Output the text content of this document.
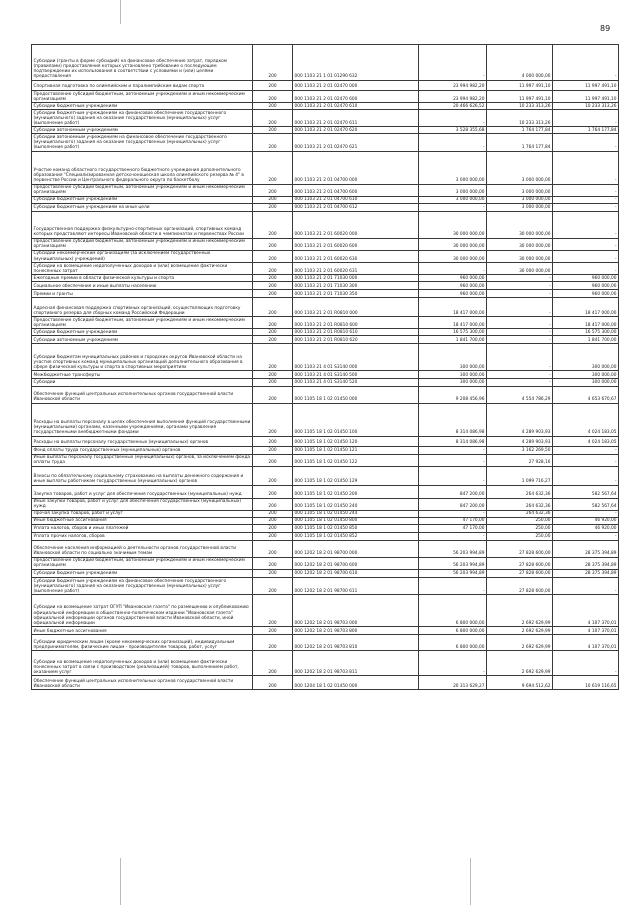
89
Субсидии (гранты в форме субсидий) на финансовое обеспечение затрат, порядком (правилами) предоставления которых установлено требование о последующем подтверждении их использования в соответствии с условиями и (или) целями предоставления	200	000 1103 21 1 01 01290 632	-	4 000 000,00	-
Спортивная подготовка по олимпийским и паралимпийским видам спорта	200	000 1103 21 2 01 02470 000	23 994 982,20	11 997 491,10	11 997 491,10
Предоставление субсидий бюджетным, автономным учреждениям и иным некоммерческим организациям	200	000 1103 21 2 01 02470 600	23 994 982,20	11 997 491,10	11 997 491,10
Субсидии бюджетным учреждениям	200	000 1103 21 2 01 02470 610	20 466 626,52	10 233 313,26	10 233 313,26
Субсидии бюджетным учреждениям на финансовое обеспечение государственного (муниципального) задания на оказание государственных (муниципальных) услуг (выполнение работ)	200	000 1103 21 2 01 02470 611	-	10 233 313,26	-
Субсидии автономным учреждениям	200	000 1103 21 2 01 02470 620	3 528 355,68	1 764 177,84	1 764 177,84
Субсидии автономным учреждениям на финансовое обеспечение государственного (муниципального) задания на оказание государственных (муниципальных) услуг (выполнение работ)	200	000 1103 21 2 01 02470 621	-	1 764 177,84	-
Участие команд областного государственного бюджетного учреждения дополнительного образования "Специализированная детско-юношеская школа олимпийского резерва № 4" в первенстве России и Центрального федерального округа по баскетболу	200	000 1103 21 2 01 04700 000	3 000 000,00	3 000 000,00	-
Предоставление субсидий бюджетным, автономным учреждениям и иным некоммерческим организациям	200	000 1103 21 2 01 04700 600	3 000 000,00	3 000 000,00	-
Субсидии бюджетным учреждениям	200	000 1103 21 2 01 04700 610	3 000 000,00	3 000 000,00	-
Субсидии бюджетным учреждениям на иные цели	200	000 1103 21 2 01 04700 612	-	3 000 000,00	-
Государственная поддержка физкультурно-спортивных организаций, спортивных команд которых представляют интересы Ивановской области в чемпионатах и первенствах России	200	000 1103 21 2 01 60020 000	30 000 000,00	30 000 000,00	-
Предоставление субсидий бюджетным, автономным учреждениям и иным некоммерческим организациям	200	000 1103 21 2 01 60020 600	30 000 000,00	30 000 000,00	-
Субсидии некоммерческим организациям (за исключением государственных (муниципальных) учреждений)	200	000 1103 21 2 01 60020 630	30 000 000,00	30 000 000,00	-
Субсидии на возмещение недополученных доходов и (или) возмещение фактически понесенных затрат	200	000 1103 21 2 01 60020 631	-	30 000 000,00	-
Ежегодные премии в области физической культуры и спорта	200	000 1103 21 2 01 71030 000	960 000,00	-	960 000,00
Социальное обеспечение и иные выплаты населению	200	000 1103 21 2 01 71030 300	960 000,00	-	960 000,00
Премии и гранты	200	000 1103 21 2 01 71030 350	960 000,00	-	960 000,00
Адресная финансовая поддержка спортивных организаций, осуществляющих подготовку спортивного резерва для сборных команд Российской Федерации	200	000 1103 21 2 01 R0810 000	18 417 000,00	-	18 417 000,00
Предоставление субсидий бюджетным, автономным учреждениям и иным некоммерческим организациям	200	000 1103 21 2 01 R0810 600	18 417 000,00	-	18 417 000,00
Субсидии бюджетным учреждениям	200	000 1103 21 2 01 R0810 610	16 575 300,00	-	16 575 300,00
Субсидии автономным учреждениям	200	000 1103 21 2 01 R0810 620	1 841 700,00	-	1 841 700,00
Субсидии бюджетам муниципальных районов и городских округов Ивановской области на участие спортивных команд муниципальных организаций дополнительного образования в сфере физической культуры и спорта в спортивных мероприятиях	200	000 1103 21 4 01 S3140 000	300 000,00	-	300 000,00
Межбюджетные трансферты	200	000 1103 21 4 01 S3140 500	300 000,00	-	300 000,00
Субсидии	200	000 1103 21 4 01 S3140 520	300 000,00	-	300 000,00
Обеспечение функций центральных исполнительных органов государственной власти Ивановской области	200	000 1105 18 1 02 01450 000	9 208 456,96	4 554 786,29	4 653 670,67
Расходы на выплаты персоналу в целях обеспечения выполнения функций государственными (муниципальными) органами, казенными учреждениями, органами управления государственными внебюджетными фондами	200	000 1105 18 1 02 01450 100	8 314 086,98	4 289 903,93	4 024 183,05
Расходы на выплаты персоналу государственных (муниципальных) органов	200	000 1105 18 1 02 01450 120	8 314 086,98	4 289 903,93	4 024 183,05
Фонд оплаты труда государственных (муниципальных) органов	200	000 1105 18 1 02 01450 121	-	3 162 269,50	-
Иные выплаты персоналу государственных (муниципальных) органов, за исключением фонда оплаты труда	200	000 1105 18 1 02 01450 122	-	27 928,16	-
Взносы по обязательному социальному страхованию на выплаты денежного содержания и иные выплаты работникам государственных (муниципальных) органов	200	000 1105 18 1 02 01450 129	-	1 099 716,27	-
Закупка товаров, работ и услуг для обеспечения государственных (муниципальных) нужд	200	000 1105 18 1 02 01450 200	847 200,00	264 632,36	582 567,64
Иные закупки товаров, работ и услуг для обеспечения государственных (муниципальных) нужд	200	000 1105 18 1 02 01450 240	847 200,00	264 632,36	582 567,64
Прочая закупка товаров, работ и услуг	200	000 1105 18 1 02 01450 244	-	264 632,36	-
Иные бюджетные ассигнования	200	000 1105 18 1 02 01450 800	47 170,00	250,00	46 920,00
Уплата налогов, сборов и иных платежей	200	000 1105 18 1 02 01450 850	47 170,00	250,00	46 920,00
Уплата прочих налогов, сборов	200	000 1105 18 1 02 01450 852	-	250,00	-
Обеспечение населения информацией о деятельности органов государственной власти Ивановской области по социально значимым темам	200	000 1202 18 2 01 98700 000	56 203 994,89	27 828 600,00	28 375 394,89
Предоставление субсидий бюджетным, автономным учреждениям и иным некоммерческим организациям	200	000 1202 18 2 01 98700 600	56 203 994,89	27 828 600,00	28 375 394,89
Субсидии бюджетным учреждениям	200	000 1202 18 2 01 98700 610	56 203 994,89	27 828 600,00	28 375 394,89
Субсидии бюджетным учреждениям на финансовое обеспечение государственного (муниципального) задания на оказание государственных (муниципальных) услуг (выполнение работ)	200	000 1202 18 2 01 98700 611	-	27 828 600,00	-
Субсидии на возмещение затрат ОГУП "Ивановская газета" по размещению и опубликованию официальной информации в общественно-политическом издании "Ивановская газета" официальной информации органов государственной власти Ивановской области, иной официальной информации	200	000 1202 18 2 01 98703 000	6 800 000,00	2 692 629,99	4 107 370,01
Иные бюджетные ассигнования	200	000 1202 18 2 01 98703 800	6 800 000,00	2 692 629,99	4 107 370,01
Субсидии юридическим лицам (кроме некоммерческих организаций), индивидуальным предпринимателям, физическим лицам - производителям товаров, работ, услуг	200	000 1202 18 2 01 98703 810	6 800 000,00	2 692 629,99	4 107 370,01
Субсидии на возмещение недополученных доходов и (или) возмещение фактически понесенных затрат в связи с производством (реализацией) товаров, выполнением работ, оказанием услуг	200	000 1202 18 2 01 98703 811	-	2 692 629,99	-
Обеспечение функций центральных исполнительных органов государственной власти Ивановской области	200	000 1204 18 1 02 01450 000	20 313 629,27	9 694 512,62	10 619 116,65
